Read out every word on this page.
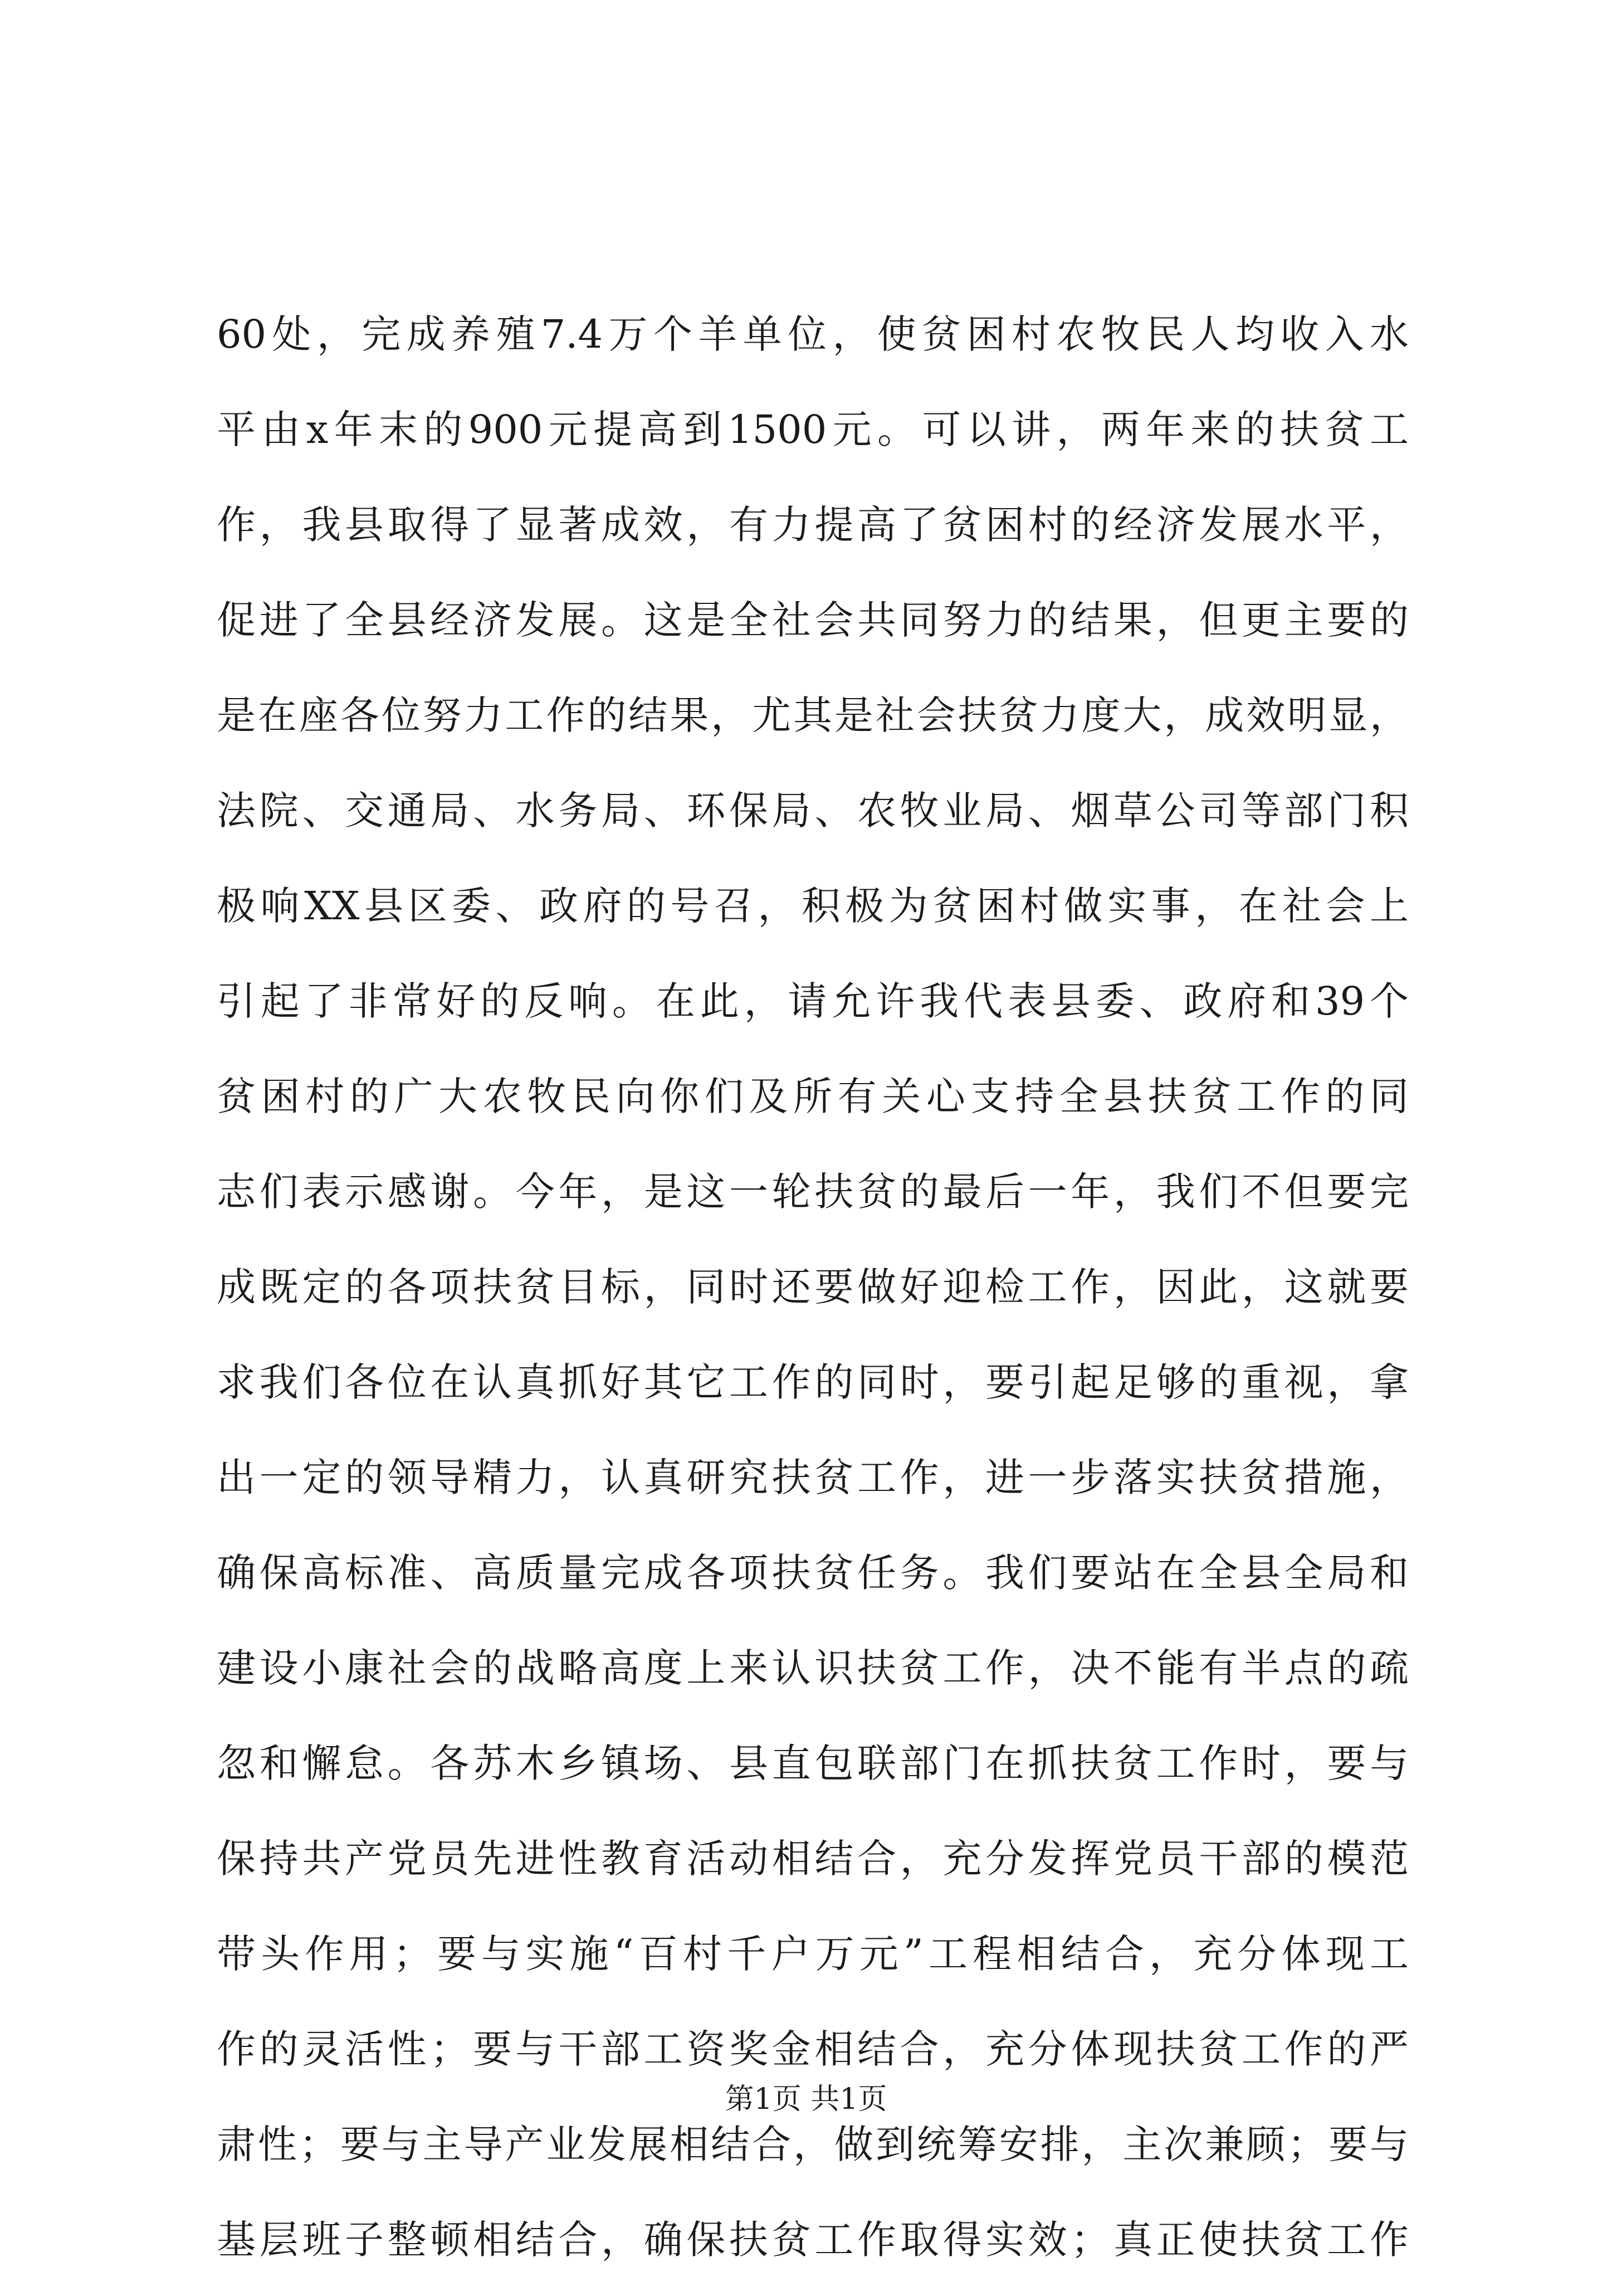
60处，完成养殖7.4万个羊单位，使贫困村农牧民人均收入水
平由x年末的900元提高到1500元。可以讲，两年来的扶贫工
作，我县取得了显著成效，有力提高了贫困村的经济发展水平，
促进了全县经济发展。这是全社会共同努力的结果，但更主要的
是在座各位努力工作的结果，尤其是社会扶贫力度大，成效明显，
法院、交通局、水务局、环保局、农牧业局、烟草公司等部门积
极响XX县区委、政府的号召，积极为贫困村做实事，在社会上
引起了非常好的反响。在此，请允许我代表县委、政府和39个
贫困村的广大农牧民向你们及所有关心支持全县扶贫工作的同
志们表示感谢。今年，是这一轮扶贫的最后一年，我们不但要完
成既定的各项扶贫目标，同时还要做好迎检工作，因此，这就要
求我们各位在认真抓好其它工作的同时，要引起足够的重视，拿
出一定的领导精力，认真研究扶贫工作，进一步落实扶贫措施，
确保高标准、高质量完成各项扶贫任务。我们要站在全县全局和
建设小康社会的战略高度上来认识扶贫工作，决不能有半点的疏
忽和懈怠。各苏木乡镇场、县直包联部门在抓扶贫工作时，要与
保持共产党员先进性教育活动相结合，充分发挥党员干部的模范
带头作用；要与实施“百村千户万元”工程相结合，充分体现工
作的灵活性；要与干部工资奖金相结合，充分体现扶贫工作的严
肃性；要与主导产业发展相结合，做到统筹安排，主次兼顾；要与
基层班子整顿相结合，确保扶贫工作取得实效；真正使扶贫工作
第1页 共1页
